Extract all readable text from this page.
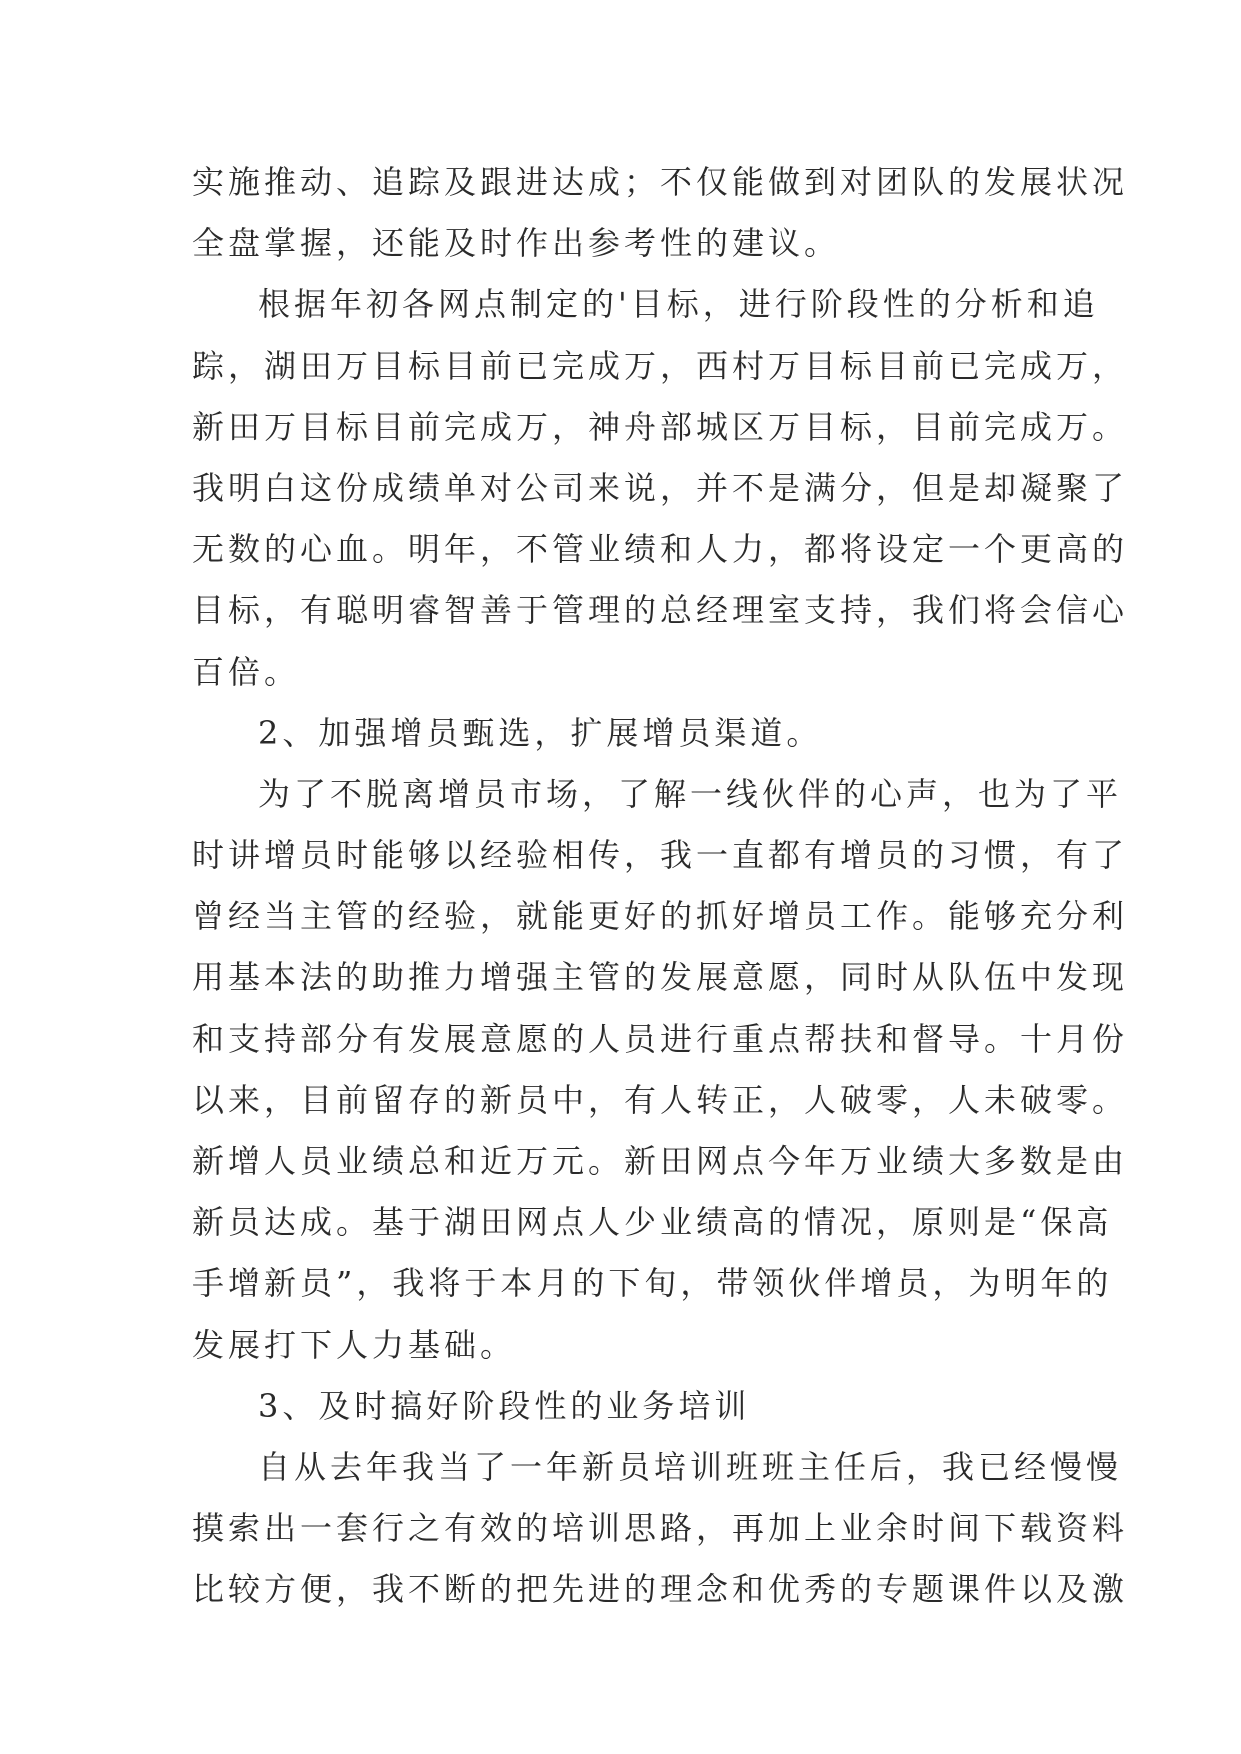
实施推动、追踪及跟进达成；不仅能做到对团队的发展状况
全盘掌握，还能及时作出参考性的建议。
根据年初各网点制定的'目标，进行阶段性的分析和追
踪，湖田万目标目前已完成万，西村万目标目前已完成万，
新田万目标目前完成万，神舟部城区万目标，目前完成万。
我明白这份成绩单对公司来说，并不是满分，但是却凝聚了
无数的心血。明年，不管业绩和人力，都将设定一个更高的
目标，有聪明睿智善于管理的总经理室支持，我们将会信心
百倍。
2、加强增员甄选，扩展增员渠道。
为了不脱离增员市场，了解一线伙伴的心声，也为了平
时讲增员时能够以经验相传，我一直都有增员的习惯，有了
曾经当主管的经验，就能更好的抓好增员工作。能够充分利
用基本法的助推力增强主管的发展意愿，同时从队伍中发现
和支持部分有发展意愿的人员进行重点帮扶和督导。十月份
以来，目前留存的新员中，有人转正，人破零，人未破零。
新增人员业绩总和近万元。新田网点今年万业绩大多数是由
新员达成。基于湖田网点人少业绩高的情况，原则是“保高
手增新员”，我将于本月的下旬，带领伙伴增员，为明年的
发展打下人力基础。
3、及时搞好阶段性的业务培训
自从去年我当了一年新员培训班班主任后，我已经慢慢
摸索出一套行之有效的培训思路，再加上业余时间下载资料
比较方便，我不断的把先进的理念和优秀的专题课件以及激
